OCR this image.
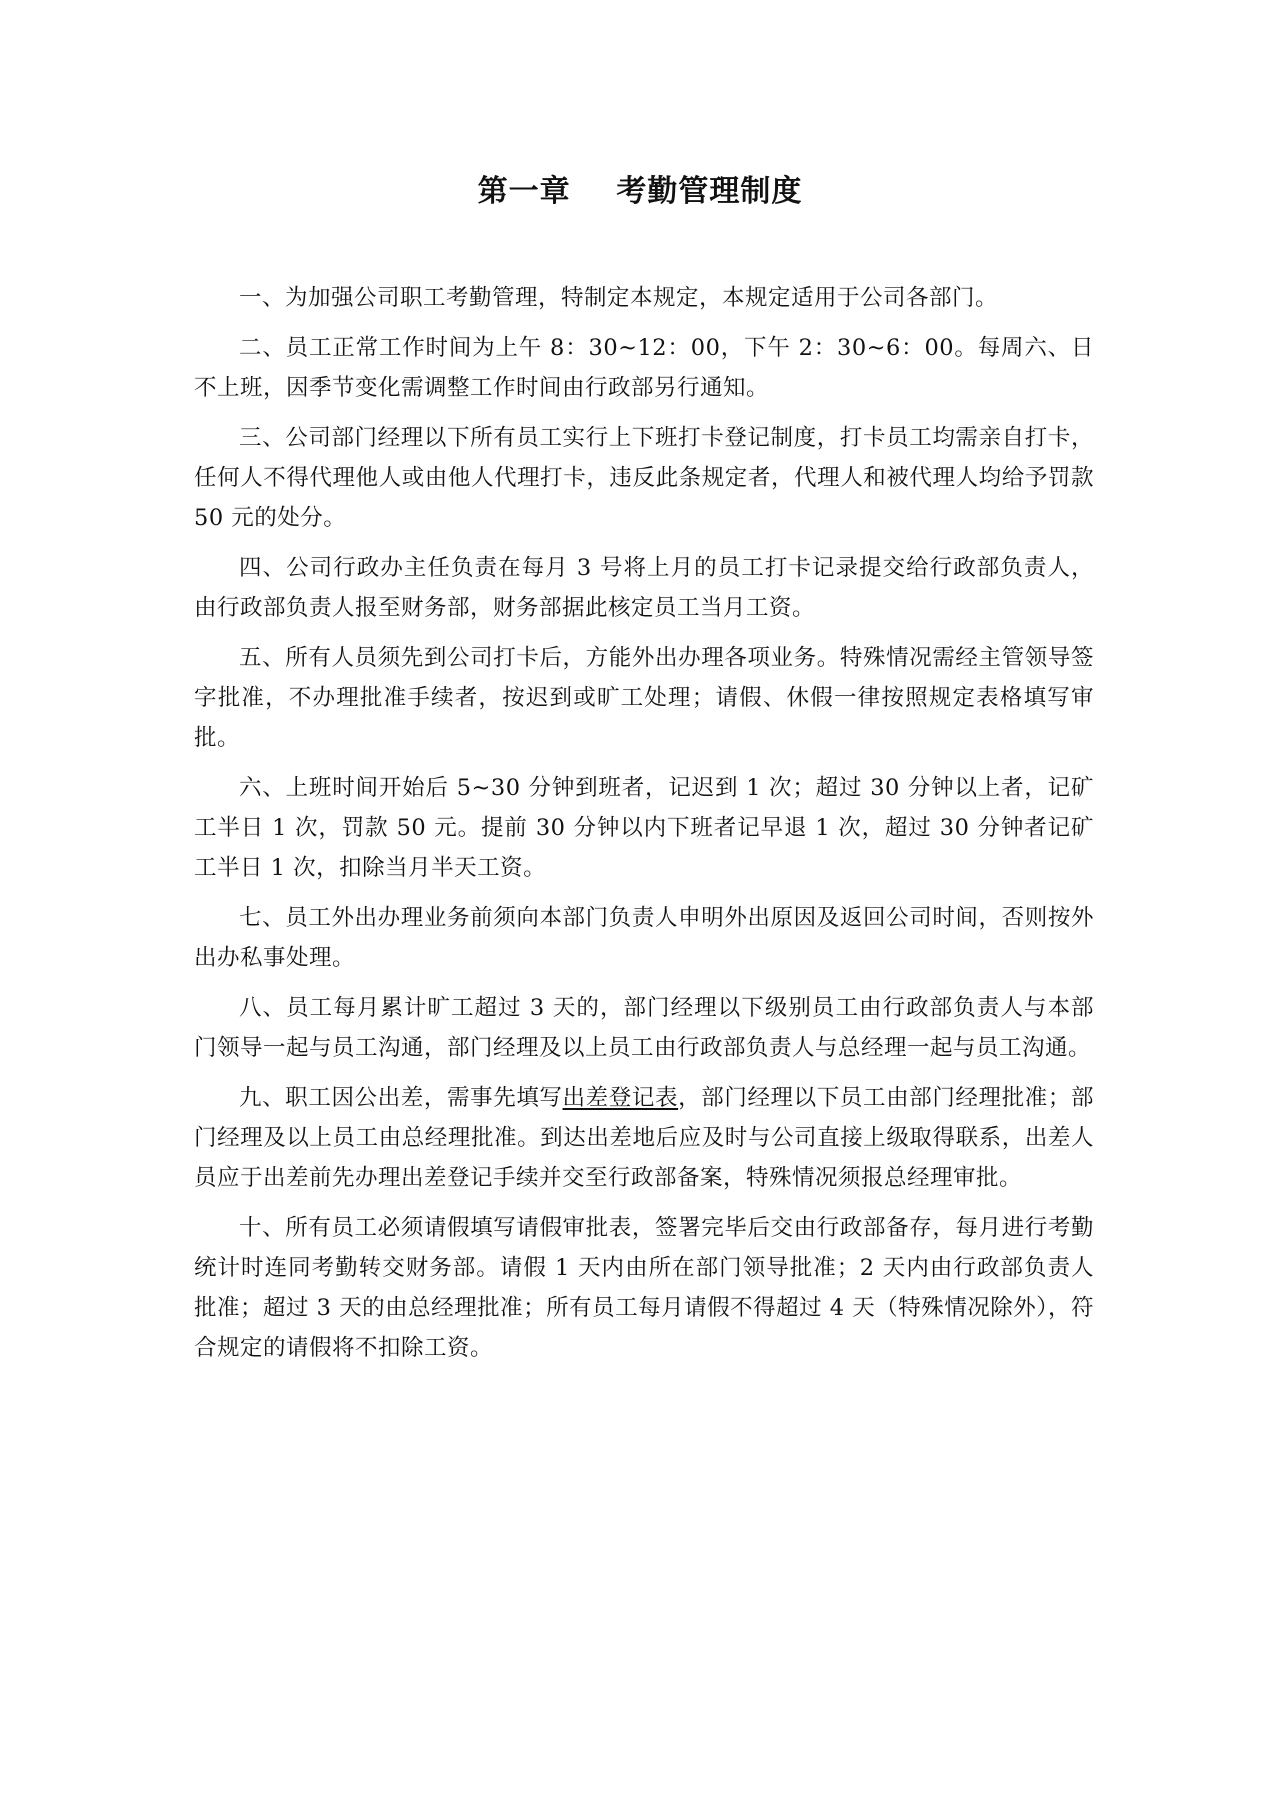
第一章    考勤管理制度

一、为加强公司职工考勤管理，特制定本规定，本规定适用于公司各部门。

二、员工正常工作时间为上午 8：30~12：00，下午 2：30~6：00。每周六、日不上班，因季节变化需调整工作时间由行政部另行通知。

三、公司部门经理以下所有员工实行上下班打卡登记制度，打卡员工均需亲自打卡，任何人不得代理他人或由他人代理打卡，违反此条规定者，代理人和被代理人均给予罚款 50 元的处分。

四、公司行政办主任负责在每月 3 号将上月的员工打卡记录提交给行政部负责人，由行政部负责人报至财务部，财务部据此核定员工当月工资。

五、所有人员须先到公司打卡后，方能外出办理各项业务。特殊情况需经主管领导签字批准，不办理批准手续者，按迟到或旷工处理；请假、休假一律按照规定表格填写审批。

六、上班时间开始后 5~30 分钟到班者，记迟到 1 次；超过 30 分钟以上者，记矿工半日 1 次，罚款 50 元。提前 30 分钟以内下班者记早退 1 次，超过 30 分钟者记矿工半日 1 次，扣除当月半天工资。

七、员工外出办理业务前须向本部门负责人申明外出原因及返回公司时间，否则按外出办私事处理。

八、员工每月累计旷工超过 3 天的，部门经理以下级别员工由行政部负责人与本部门领导一起与员工沟通，部门经理及以上员工由行政部负责人与总经理一起与员工沟通。

九、职工因公出差，需事先填写出差登记表，部门经理以下员工由部门经理批准；部门经理及以上员工由总经理批准。到达出差地后应及时与公司直接上级取得联系，出差人员应于出差前先办理出差登记手续并交至行政部备案，特殊情况须报总经理审批。

十、所有员工必须请假填写请假审批表，签署完毕后交由行政部备存，每月进行考勤统计时连同考勤转交财务部。请假 1 天内由所在部门领导批准；2 天内由行政部负责人批准；超过 3 天的由总经理批准；所有员工每月请假不得超过 4 天（特殊情况除外），符合规定的请假将不扣除工资。
